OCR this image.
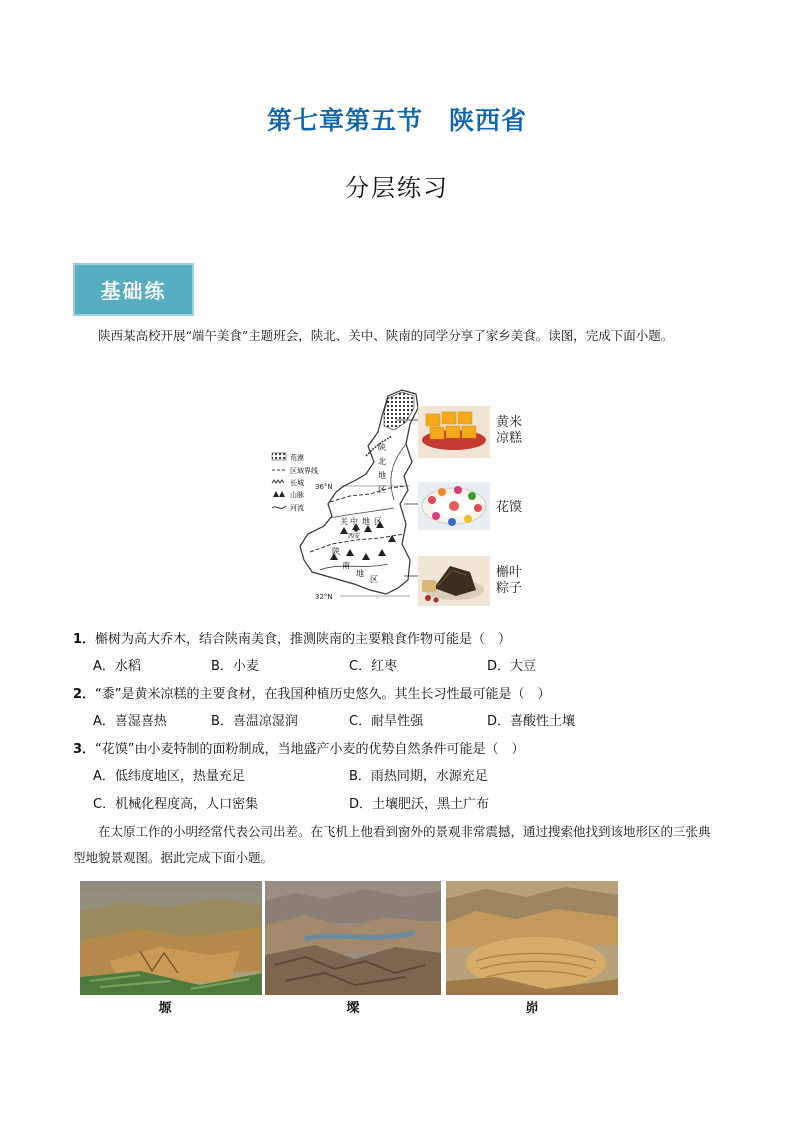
第七章第五节 陕西省
分层练习
基础练
陕西某高校开展“端午美食”主题班会，陕北、关中、陕南的同学分享了家乡美食。读图，完成下面小题。
36°N
32°N
陕
北
地
区
关 中 地 区
陕
南
地
区
西安
荒漠
区域界线
长城
山脉
河流
黄米
凉糕
花馍
槲叶
粽子
1．槲树为高大乔木，结合陕南美食，推测陕南的主要粮食作物可能是（　）
A．水稻	B．小麦	C．红枣	D．大豆
2．“黍”是黄米凉糕的主要食材，在我国种植历史悠久。其生长习性最可能是（　）
A．喜湿喜热	B．喜温凉湿润	C．耐旱性强	D．喜酸性土壤
3．“花馍”由小麦特制的面粉制成，当地盛产小麦的优势自然条件可能是（　）
A．低纬度地区，热量充足	B．雨热同期，水源充足
C．机械化程度高，人口密集	D．土壤肥沃，黑土广布
在太原工作的小明经常代表公司出差。在飞机上他看到窗外的景观非常震撼，通过搜索他找到该地形区的三张典型地貌景观图。据此完成下面小题。
塬	墚	峁
